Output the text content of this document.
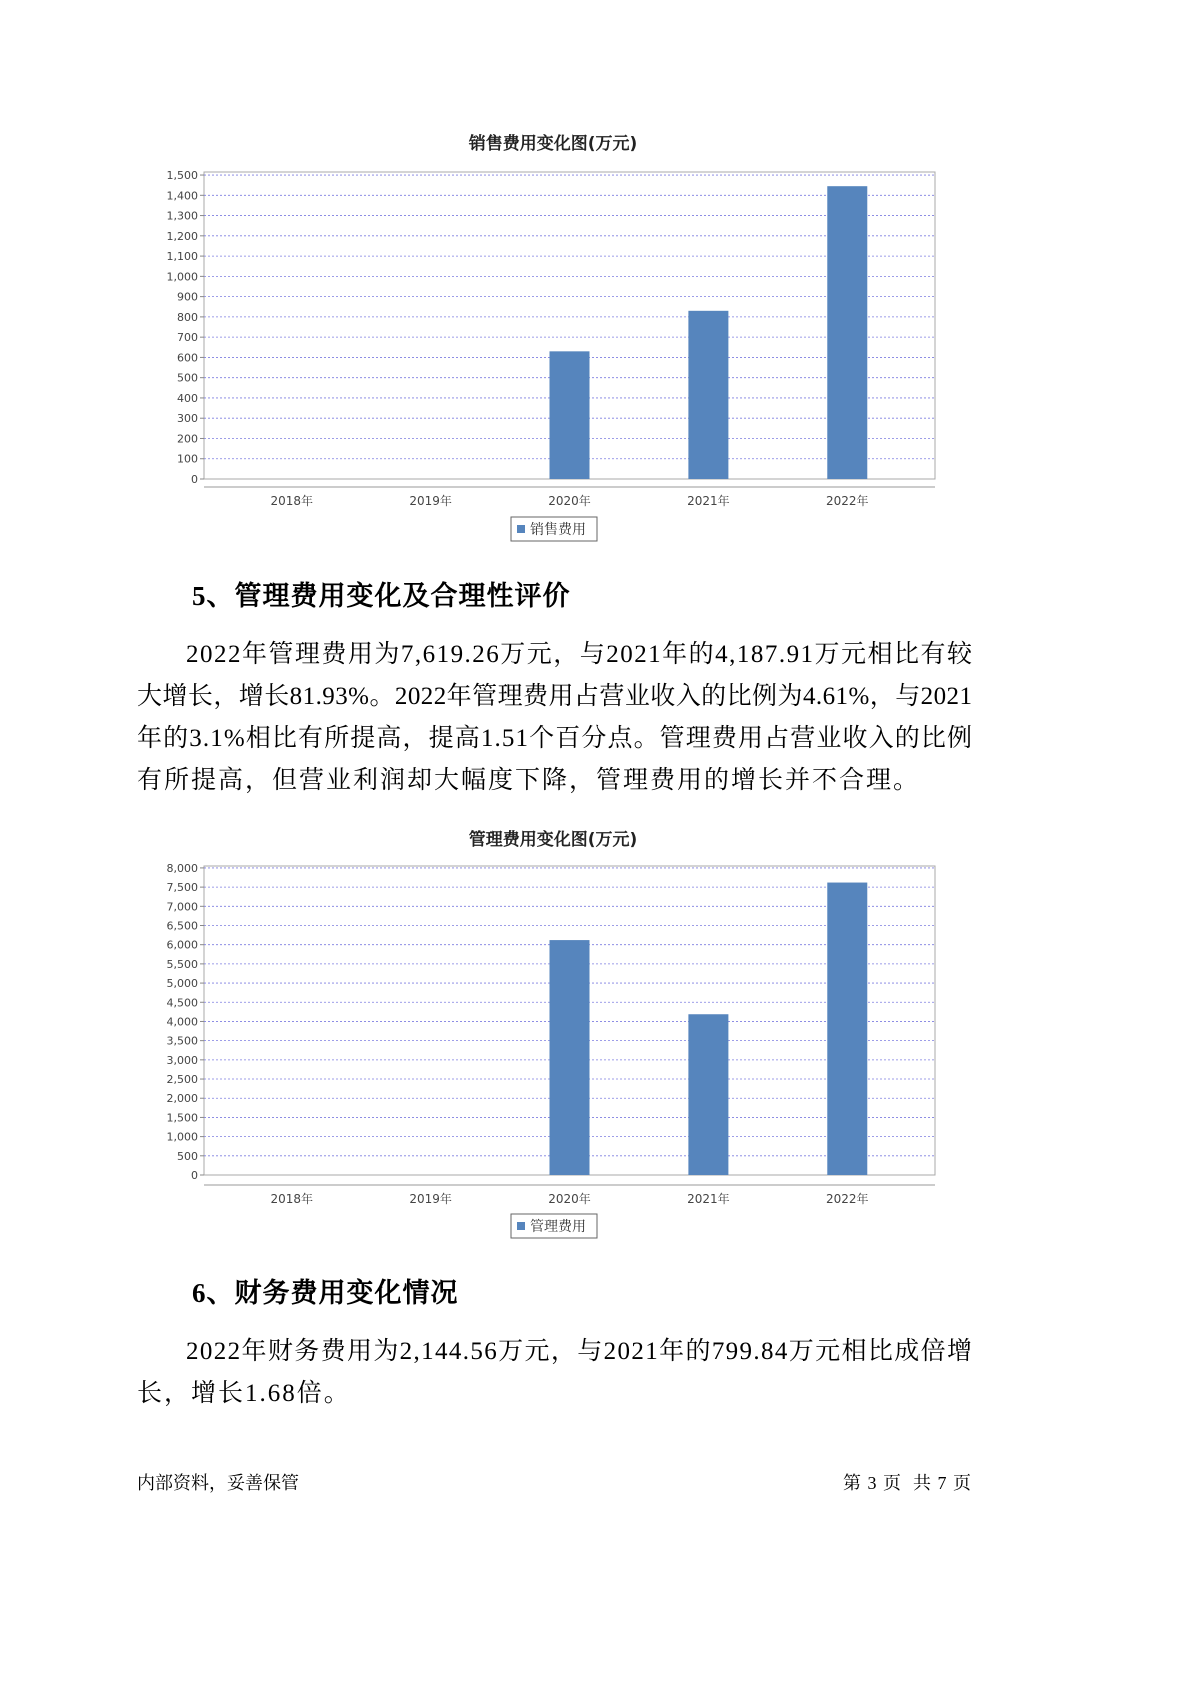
销售费用变化图(万元)
0
100
200
300
400
500
600
700
800
900
1,000
1,100
1,200
1,300
1,400
1,500
2018年	2019年	2020年	2021年	2022年
销售费用
5、管理费用变化及合理性评价
2022年管理费用为7,619.26万元，与2021年的4,187.91万元相比有较
大增长，增长81.93%。2022年管理费用占营业收入的比例为4.61%，与2021
年的3.1%相比有所提高，提高1.51个百分点。管理费用占营业收入的比例
有所提高，但营业利润却大幅度下降，管理费用的增长并不合理。
管理费用变化图(万元)
0
500
1,000
1,500
2,000
2,500
3,000
3,500
4,000
4,500
5,000
5,500
6,000
6,500
7,000
7,500
8,000
2018年	2019年	2020年	2021年	2022年
管理费用
6、财务费用变化情况
2022年财务费用为2,144.56万元，与2021年的799.84万元相比成倍增
长，增长1.68倍。
内部资料，妥善保管	第 3 页  共 7 页
